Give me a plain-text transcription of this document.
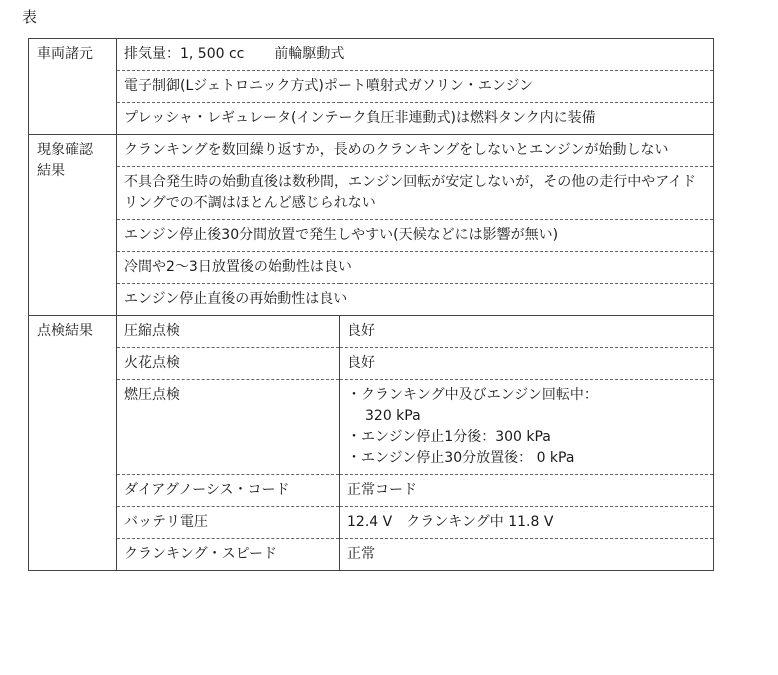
表
車両諸元	排気量：1, 500 cc 前輪駆動式	
	電子制御(Lジェトロニック方式)ポート噴射式ガソリン・エンジン	
	プレッシャ・レギュレータ(インテーク負圧非連動式)は燃料タンク内に装備	

現象確認
結果	クランキングを数回繰り返すか，長めのクランキングをしないとエンジンが始動しない	
	不具合発生時の始動直後は数秒間，エンジン回転が安定しないが，その他の走行中やアイドリングでの不調はほとんど感じられない	
	エンジン停止後30分間放置で発生しやすい(天候などには影響が無い)	
	冷間や2～3日放置後の始動性は良い	
	エンジン停止直後の再始動性は良い	
点検結果	圧縮点検	良好
	火花点検	良好
	燃圧点検	・クランキング中及びエンジン回転中：
320 kPa
・エンジン停止1分後：300 kPa
・エンジン停止30分放置後： 0 kPa

	ダイアグノーシス・コード	正常コード
	バッテリ電圧	12.4 V　クランキング中 11.8 V
	クランキング・スピード	正常
